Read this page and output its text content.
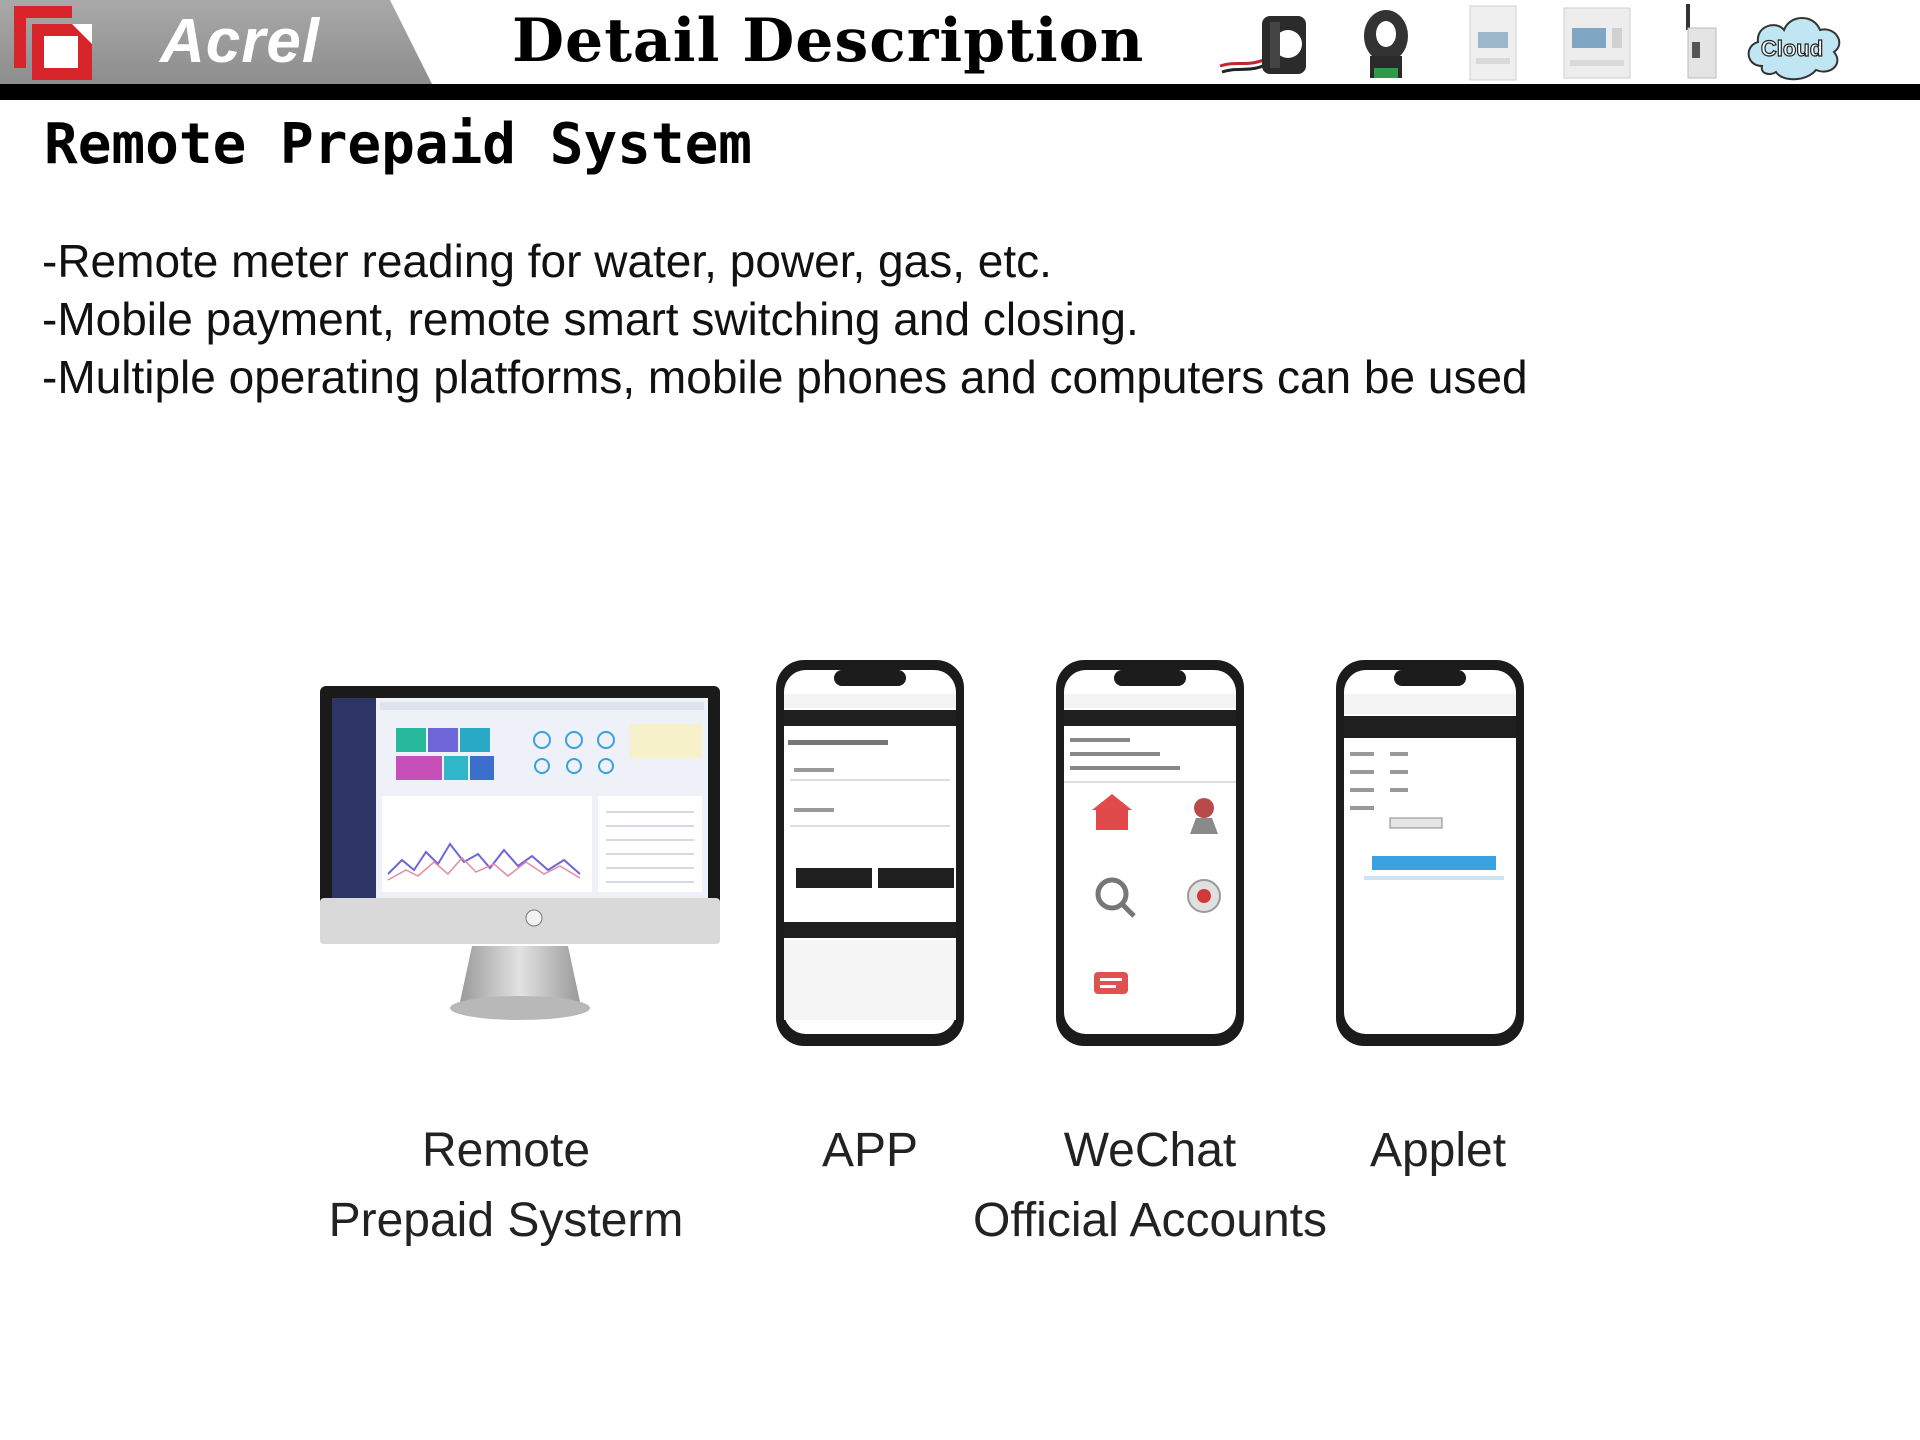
Acrel	Detail Description	Cloud
Remote Prepaid System
-Remote meter reading for water, power, gas, etc.
-Mobile payment, remote smart switching and closing.
-Multiple operating platforms, mobile phones and computers can be used
Remote
Prepaid Systerm
APP	WeChat
Official Accounts
Applet
